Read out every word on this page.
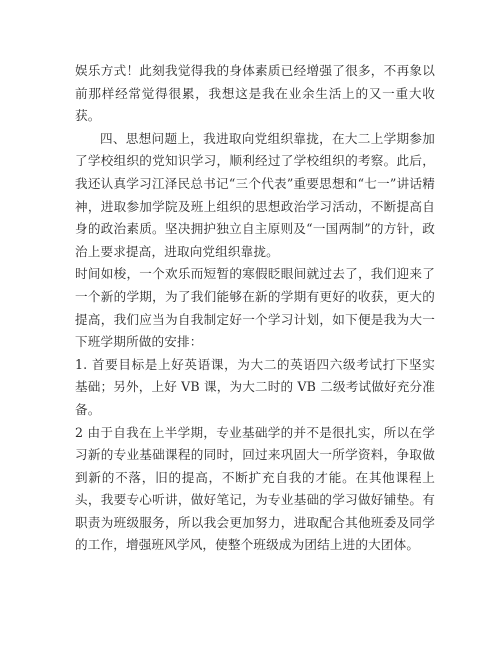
娱乐方式！此刻我觉得我的身体素质已经增强了很多，不再象以前那样经常觉得很累，我想这是我在业余生活上的又一重大收获。

四、思想问题上，我进取向党组织靠拢，在大二上学期参加了学校组织的党知识学习，顺利经过了学校组织的考察。此后，我还认真学习江泽民总书记“三个代表”重要思想和“七一”讲话精神，进取参加学院及班上组织的思想政治学习活动，不断提高自身的政治素质。坚决拥护独立自主原则及“一国两制”的方针，政治上要求提高，进取向党组织靠拢。

时间如梭，一个欢乐而短暂的寒假眨眼间就过去了，我们迎来了一个新的学期，为了我们能够在新的学期有更好的收获，更大的提高，我们应当为自我制定好一个学习计划，如下便是我为大一下班学期所做的安排：

1. 首要目标是上好英语课，为大二的英语四六级考试打下坚实基础；另外，上好 VB 课，为大二时的 VB 二级考试做好充分准备。

2 由于自我在上半学期，专业基础学的并不是很扎实，所以在学习新的专业基础课程的同时，回过来巩固大一所学资料，争取做到新的不落，旧的提高，不断扩充自我的才能。在其他课程上头，我要专心听讲，做好笔记，为专业基础的学习做好铺垫。有职责为班级服务，所以我会更加努力，进取配合其他班委及同学的工作，增强班风学风，使整个班级成为团结上进的大团体。
